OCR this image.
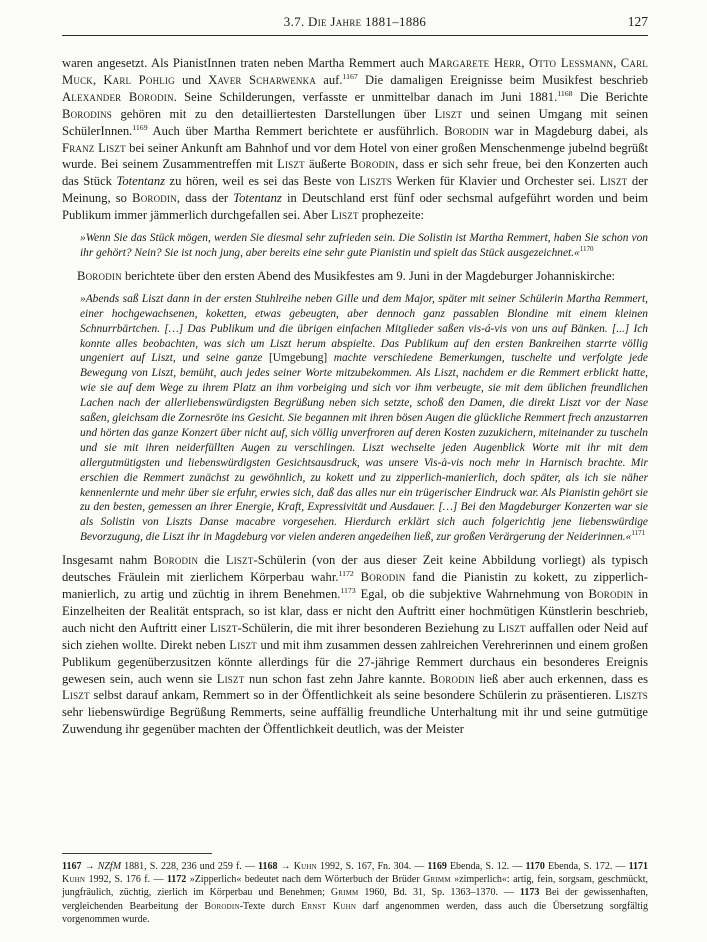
3.7. Die Jahre 1881–1886	127

waren angesetzt. Als PianistInnen traten neben Martha Remmert auch Margarete Herr, Otto Lessmann, Carl Muck, Karl Pohlig und Xaver Scharwenka auf.$^{1167}$ Die damaligen Ereignisse beim Musikfest beschrieb Alexander Borodin. Seine Schilderungen, verfasste er unmittelbar danach im Juni 1881.$^{1168}$ Die Berichte Borodins gehören mit zu den detailliertesten Darstellungen über Liszt und seinen Umgang mit seinen SchülerInnen.$^{1169}$ Auch über Martha Remmert berichtete er ausführlich. Borodin war in Magdeburg dabei, als Franz Liszt bei seiner Ankunft am Bahnhof und vor dem Hotel von einer großen Menschenmenge jubelnd begrüßt wurde. Bei seinem Zusammentreffen mit Liszt äußerte Borodin, dass er sich sehr freue, bei den Konzerten auch das Stück Totentanz zu hören, weil es sei das Beste von Liszts Werken für Klavier und Orchester sei. Liszt der Meinung, so Borodin, dass der Totentanz in Deutschland erst fünf oder sechsmal aufgeführt worden und beim Publikum immer jämmerlich durchgefallen sei. Aber Liszt prophezeite:

»Wenn Sie das Stück mögen, werden Sie diesmal sehr zufrieden sein. Die Solistin ist Martha Remmert, haben Sie schon von ihr gehört? Nein? Sie ist noch jung, aber bereits eine sehr gute Pianistin und spielt das Stück ausgezeichnet.«$^{1170}$

Borodin berichtete über den ersten Abend des Musikfestes am 9. Juni in der Magdeburger Johanniskirche:

»Abends saß Liszt dann in der ersten Stuhlreihe neben Gille und dem Major, später mit seiner Schülerin Martha Remmert, einer hochgewachsenen, koketten, etwas gebeugten, aber dennoch ganz passablen Blondine mit einem kleinen Schnurrbärtchen. […] Das Publikum und die übrigen einfachen Mitglieder saßen vis-á-vis von uns auf Bänken. [...] Ich konnte alles beobachten, was sich um Liszt herum abspielte. Das Publikum auf den ersten Bankreihen starrte völlig ungeniert auf Liszt, und seine ganze [Umgebung] machte verschiedene Bemerkungen, tuschelte und verfolgte jede Bewegung von Liszt, bemüht, auch jedes seiner Worte mitzubekommen. Als Liszt, nachdem er die Remmert erblickt hatte, wie sie auf dem Wege zu ihrem Platz an ihm vorbeiging und sich vor ihm verbeugte, sie mit dem üblichen freundlichen Lachen nach der allerliebenswürdigsten Begrüßung neben sich setzte, schoß den Damen, die direkt Liszt vor der Nase saßen, gleichsam die Zornesröte ins Gesicht. Sie begannen mit ihren bösen Augen die glückliche Remmert frech anzustarren und hörten das ganze Konzert über nicht auf, sich völlig unverfroren auf deren Kosten zuzukichern, miteinander zu tuscheln und sie mit ihren neiderfüllten Augen zu verschlingen. Liszt wechselte jeden Augenblick Worte mit ihr mit dem allergutmütigsten und liebenswürdigsten Gesichtsausdruck, was unsere Vis-à-vis noch mehr in Harnisch brachte. Mir erschien die Remmert zunächst zu gewöhnlich, zu kokett und zu zipperlich-manierlich, doch später, als ich sie näher kennenlernte und mehr über sie erfuhr, erwies sich, daß das alles nur ein trügerischer Eindruck war. Als Pianistin gehört sie zu den besten, gemessen an ihrer Energie, Kraft, Expressivität und Ausdauer. […] Bei den Magdeburger Konzerten war sie als Solistin von Liszts Danse macabre vorgesehen. Hierdurch erklärt sich auch folgerichtig jene liebenswürdige Bevorzugung, die Liszt ihr in Magdeburg vor vielen anderen angedeihen ließ, zur großen Verärgerung der Neiderinnen.«$^{1171}$

Insgesamt nahm Borodin die Liszt-Schülerin (von der aus dieser Zeit keine Abbildung vorliegt) als typisch deutsches Fräulein mit zierlichem Körperbau wahr.$^{1172}$ Borodin fand die Pianistin zu kokett, zu zipperlich-manierlich, zu artig und züchtig in ihrem Benehmen.$^{1173}$ Egal, ob die subjektive Wahrnehmung von Borodin in Einzelheiten der Realität entsprach, so ist klar, dass er nicht den Auftritt einer hochmütigen Künstlerin beschrieb, auch nicht den Auftritt einer Liszt-Schülerin, die mit ihrer besonderen Beziehung zu Liszt auffallen oder Neid auf sich ziehen wollte. Direkt neben Liszt und mit ihm zusammen dessen zahlreichen Verehrerinnen und einem großen Publikum gegenüberzusitzen könnte allerdings für die 27-jährige Remmert durchaus ein besonderes Ereignis gewesen sein, auch wenn sie Liszt nun schon fast zehn Jahre kannte. Borodin ließ aber auch erkennen, dass es Liszt selbst darauf ankam, Remmert so in der Öffentlichkeit als seine besondere Schülerin zu präsentieren. Liszts sehr liebenswürdige Begrüßung Remmerts, seine auffällig freundliche Unterhaltung mit ihr und seine gutmütige Zuwendung ihr gegenüber machten der Öffentlichkeit deutlich, was der Meister

1167 → NZfM 1881, S. 228, 236 und 259 f. — 1168 → Kuhn 1992, S. 167, Fn. 304. — 1169 Ebenda, S. 12. — 1170 Ebenda, S. 172. — 1171 Kuhn 1992, S. 176 f. — 1172 »Zipperlich« bedeutet nach dem Wörterbuch der Brüder Grimm »zimperlich«: artig, fein, sorgsam, geschmückt, jungfräulich, züchtig, zierlich im Körperbau und Benehmen; Grimm 1960, Bd. 31, Sp. 1363–1370. — 1173 Bei der gewissenhaften, vergleichenden Bearbeitung der Borodin-Texte durch Ernst Kuhn darf angenommen werden, dass auch die Übersetzung sorgfältig vorgenommen wurde.
